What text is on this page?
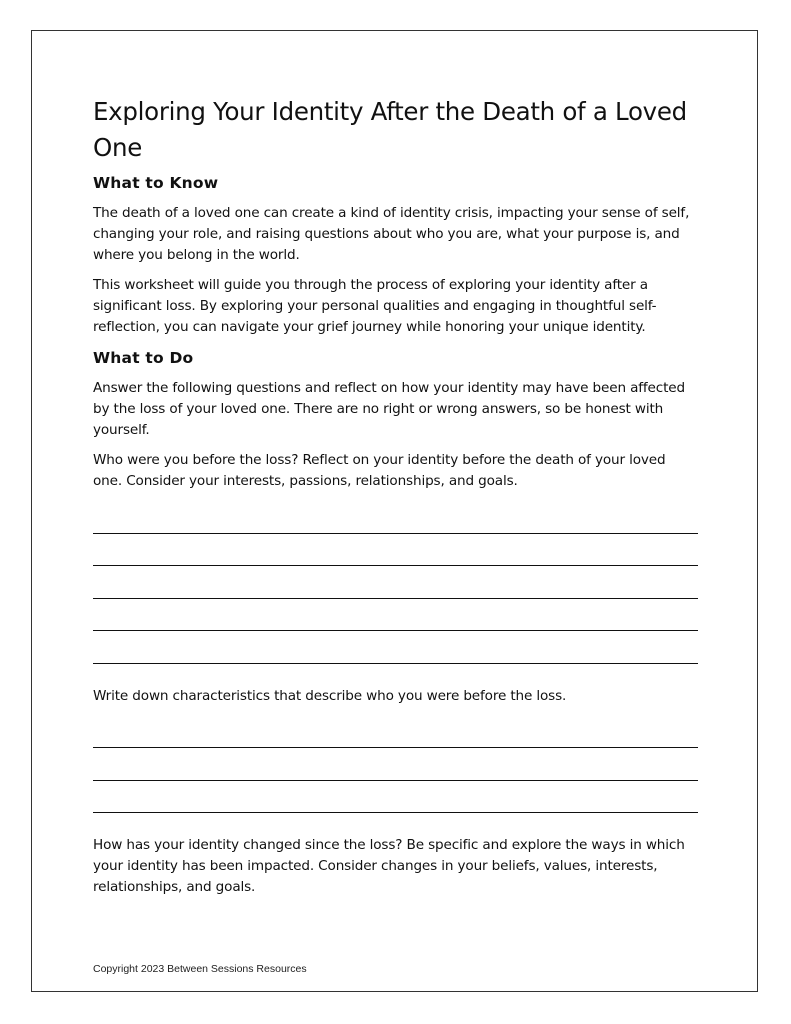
Exploring Your Identity After the Death of a Loved One
What to Know

The death of a loved one can create a kind of identity crisis, impacting your sense of self, changing your role, and raising questions about who you are, what your purpose is, and where you belong in the world.

This worksheet will guide you through the process of exploring your identity after a significant loss. By exploring your personal qualities and engaging in thoughtful self-reflection, you can navigate your grief journey while honoring your unique identity.

What to Do

Answer the following questions and reflect on how your identity may have been affected by the loss of your loved one. There are no right or wrong answers, so be honest with yourself.

Who were you before the loss? Reflect on your identity before the death of your loved one. Consider your interests, passions, relationships, and goals.

Write down characteristics that describe who you were before the loss.

How has your identity changed since the loss? Be specific and explore the ways in which your identity has been impacted. Consider changes in your beliefs, values, interests, relationships, and goals.

Copyright 2023 Between Sessions Resources
